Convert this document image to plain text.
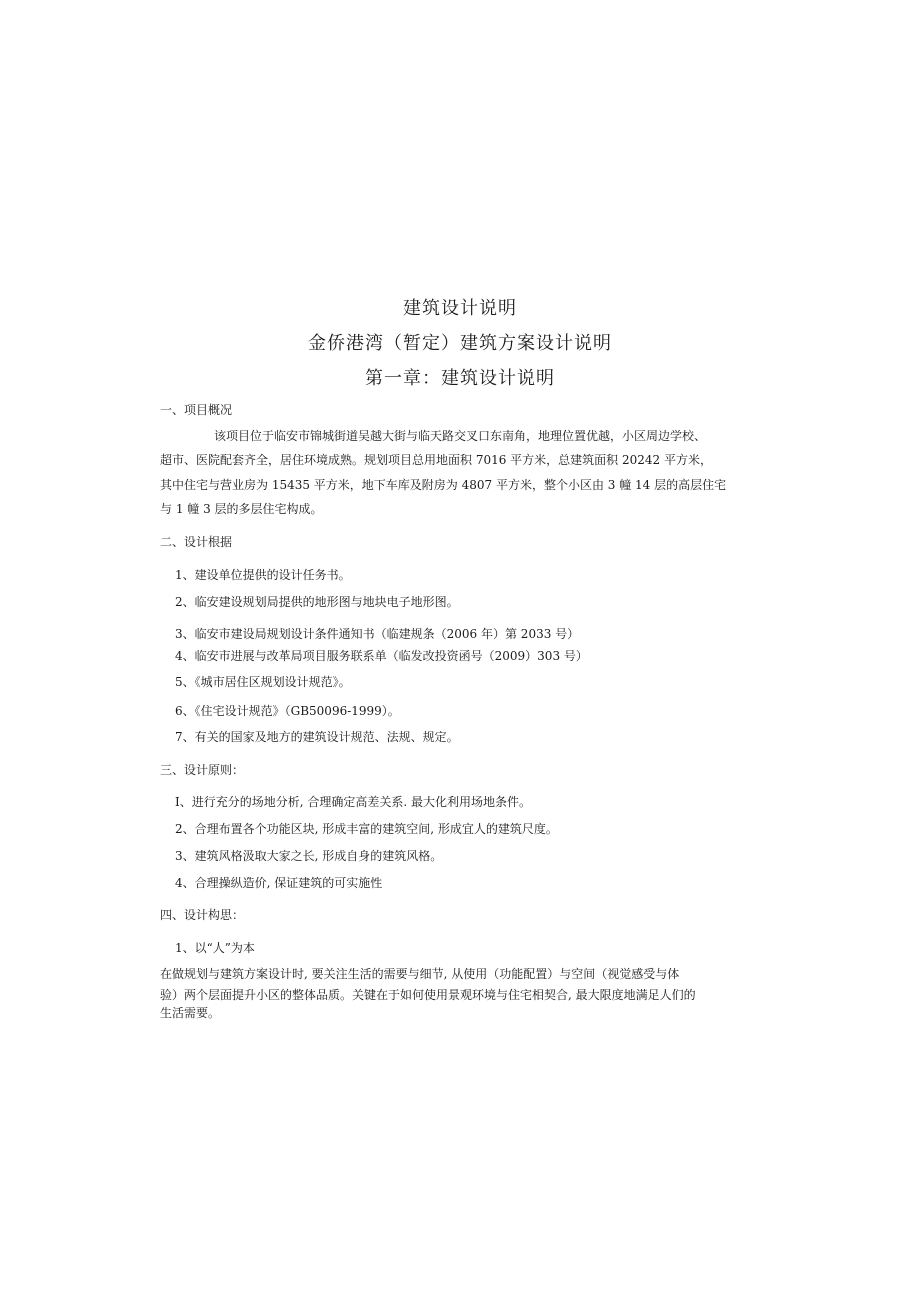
建筑设计说明
金侨港湾（暂定）建筑方案设计说明
第一章：建筑设计说明
一、项目概况
该项目位于临安市锦城街道吴越大街与临天路交叉口东南角，地理位置优越，小区周边学校、
超市、医院配套齐全，居住环境成熟。规划项目总用地面积 7016 平方米，总建筑面积 20242 平方米，
其中住宅与营业房为 15435 平方米，地下车库及附房为 4807 平方米，整个小区由 3 幢 14 层的高层住宅
与 1 幢 3 层的多层住宅构成。
二、设计根据
1、建设单位提供的设计任务书。
2、临安建设规划局提供的地形图与地块电子地形图。
3、临安市建设局规划设计条件通知书（临建规条（2006 年）第 2033 号）
4、临安市进展与改革局项目服务联系单（临发改投资函号（2009）303 号）
5、《城市居住区规划设计规范》。
6、《住宅设计规范》（GB50096-1999）。
7、有关的国家及地方的建筑设计规范、法规、规定。
三、设计原则：
I、进行充分的场地分析, 合理确定高差关系. 最大化利用场地条件。
2、合理布置各个功能区块, 形成丰富的建筑空间, 形成宜人的建筑尺度。
3、建筑风格汲取大家之长, 形成自身的建筑风格。
4、合理操纵造价, 保证建筑的可实施性
四、设计构思：
1、以“人”为本
在做规划与建筑方案设计时, 要关注生活的需要与细节, 从使用（功能配置）与空间（视觉感受与体
验）两个层面提升小区的整体品质。关键在于如何使用景观环境与住宅相契合, 最大限度地满足人们的
生活需要。
